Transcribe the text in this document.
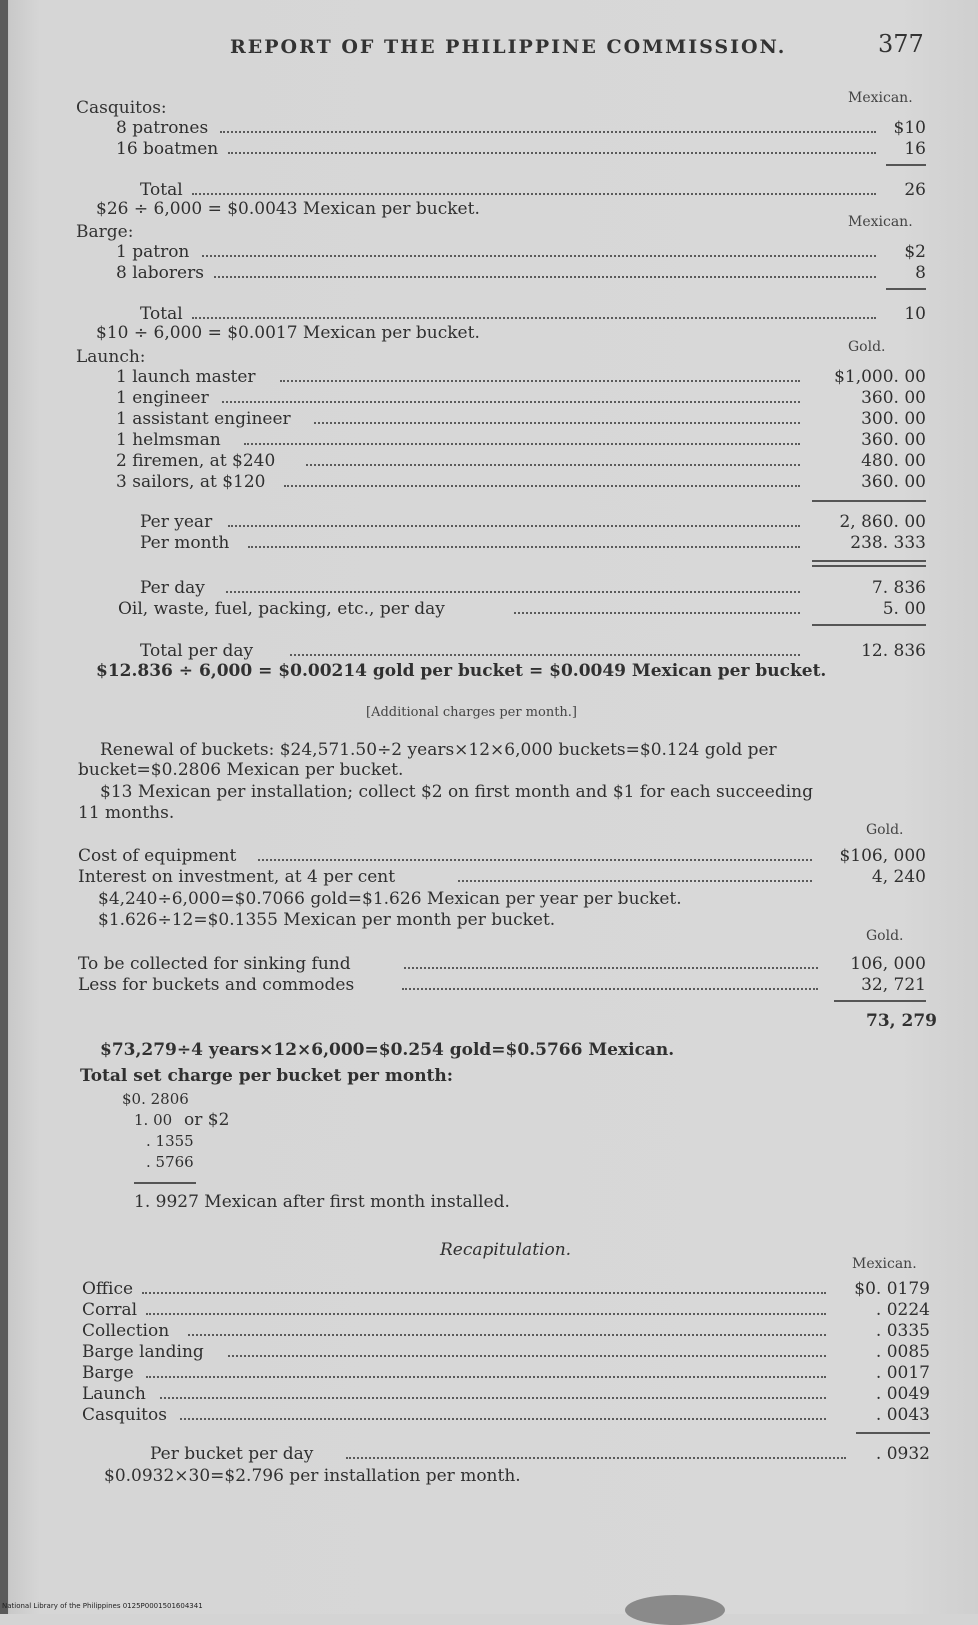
REPORT OF THE PHILIPPINE COMMISSION.	377
Mexican.
Casquitos:
8 patrones	$10
16 boatmen	16
Total	26
$26 ÷ 6,000 = $0.0043 Mexican per bucket.
Mexican.
Barge:
1 patron	$2
8 laborers	8
Total	10
$10 ÷ 6,000 = $0.0017 Mexican per bucket.
Gold.
Launch:
1 launch master	$1,000. 00
1 engineer	360. 00
1 assistant engineer	300. 00
1 helmsman	360. 00
2 firemen, at $240	480. 00
3 sailors, at $120	360. 00
Per year	2, 860. 00
Per month	238. 333
Per day	7. 836
Oil, waste, fuel, packing, etc., per day	5. 00
Total per day	12. 836
$12.836 ÷ 6,000 = $0.00214 gold per bucket = $0.0049 Mexican per bucket.
[Additional charges per month.]
Renewal of buckets: $24,571.50÷2 years×12×6,000 buckets=$0.124 gold per
bucket=$0.2806 Mexican per bucket.
$13 Mexican per installation; collect $2 on first month and $1 for each succeeding
11 months.
Gold.
Cost of equipment	$106, 000
Interest on investment, at 4 per cent	4, 240
$4,240÷6,000=$0.7066 gold=$1.626 Mexican per year per bucket.
$1.626÷12=$0.1355 Mexican per month per bucket.
Gold.
To be collected for sinking fund	106, 000
Less for buckets and commodes	32, 721
73, 279
$73,279÷4 years×12×6,000=$0.254 gold=$0.5766 Mexican.
Total set charge per bucket per month:
$0. 2806
1. 00 or $2
. 1355
. 5766
1. 9927 Mexican after first month installed.
Recapitulation.
Mexican.
Office	$0. 0179
Corral	. 0224
Collection	. 0335
Barge landing	. 0085
Barge	. 0017
Launch	. 0049
Casquitos	. 0043
Per bucket per day	. 0932
$0.0932×30=$2.796 per installation per month.
National Library of the Philippines 0125P0001501604341
